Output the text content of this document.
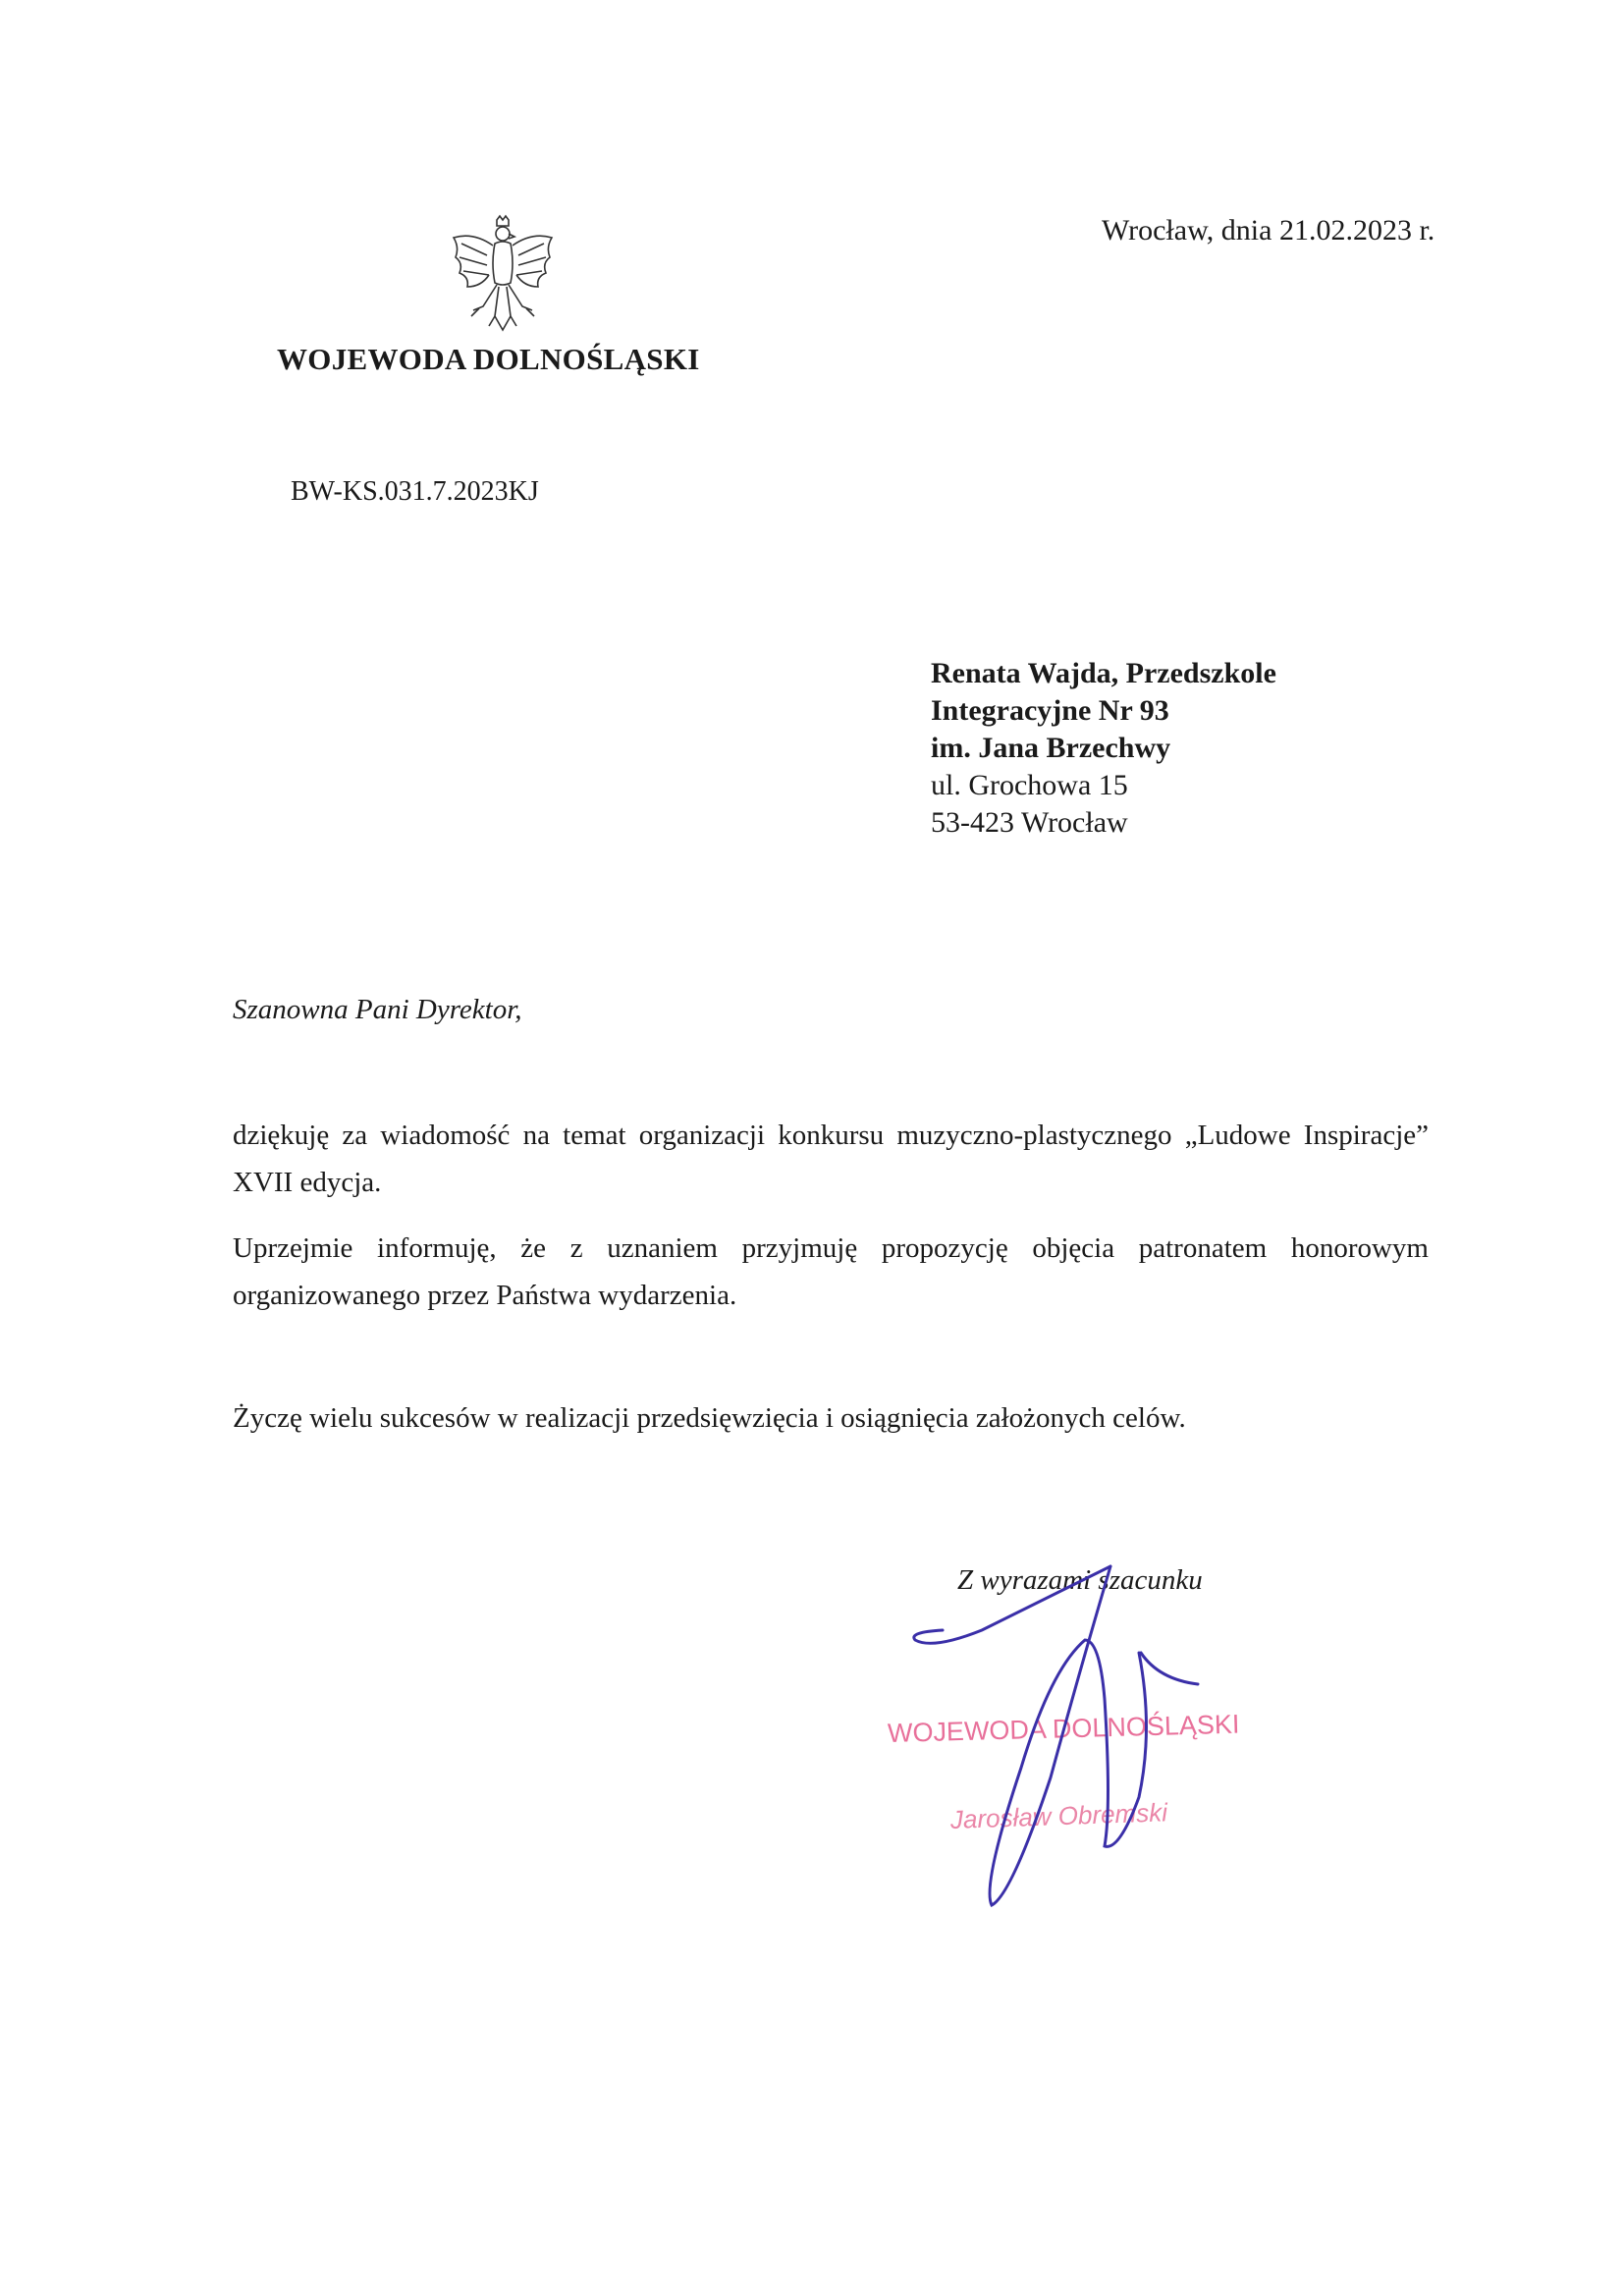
WOJEWODA DOLNOŚLĄSKI
Wrocław, dnia 21.02.2023 r.
BW-KS.031.7.2023KJ
Renata Wajda, Przedszkole
Integracyjne Nr 93
im. Jana Brzechwy
ul. Grochowa 15
53-423 Wrocław
Szanowna Pani Dyrektor,
dziękuję za wiadomość na temat organizacji konkursu muzyczno-plastycznego „Ludowe Inspiracje” XVII edycja.
Uprzejmie informuję, że z uznaniem przyjmuję propozycję objęcia patronatem honorowym organizowanego przez Państwa wydarzenia.
Życzę wielu sukcesów w realizacji przedsięwzięcia i osiągnięcia założonych celów.
Z wyrazami szacunku
WOJEWODA DOLNOŚLĄSKI
Jarosław Obremski
